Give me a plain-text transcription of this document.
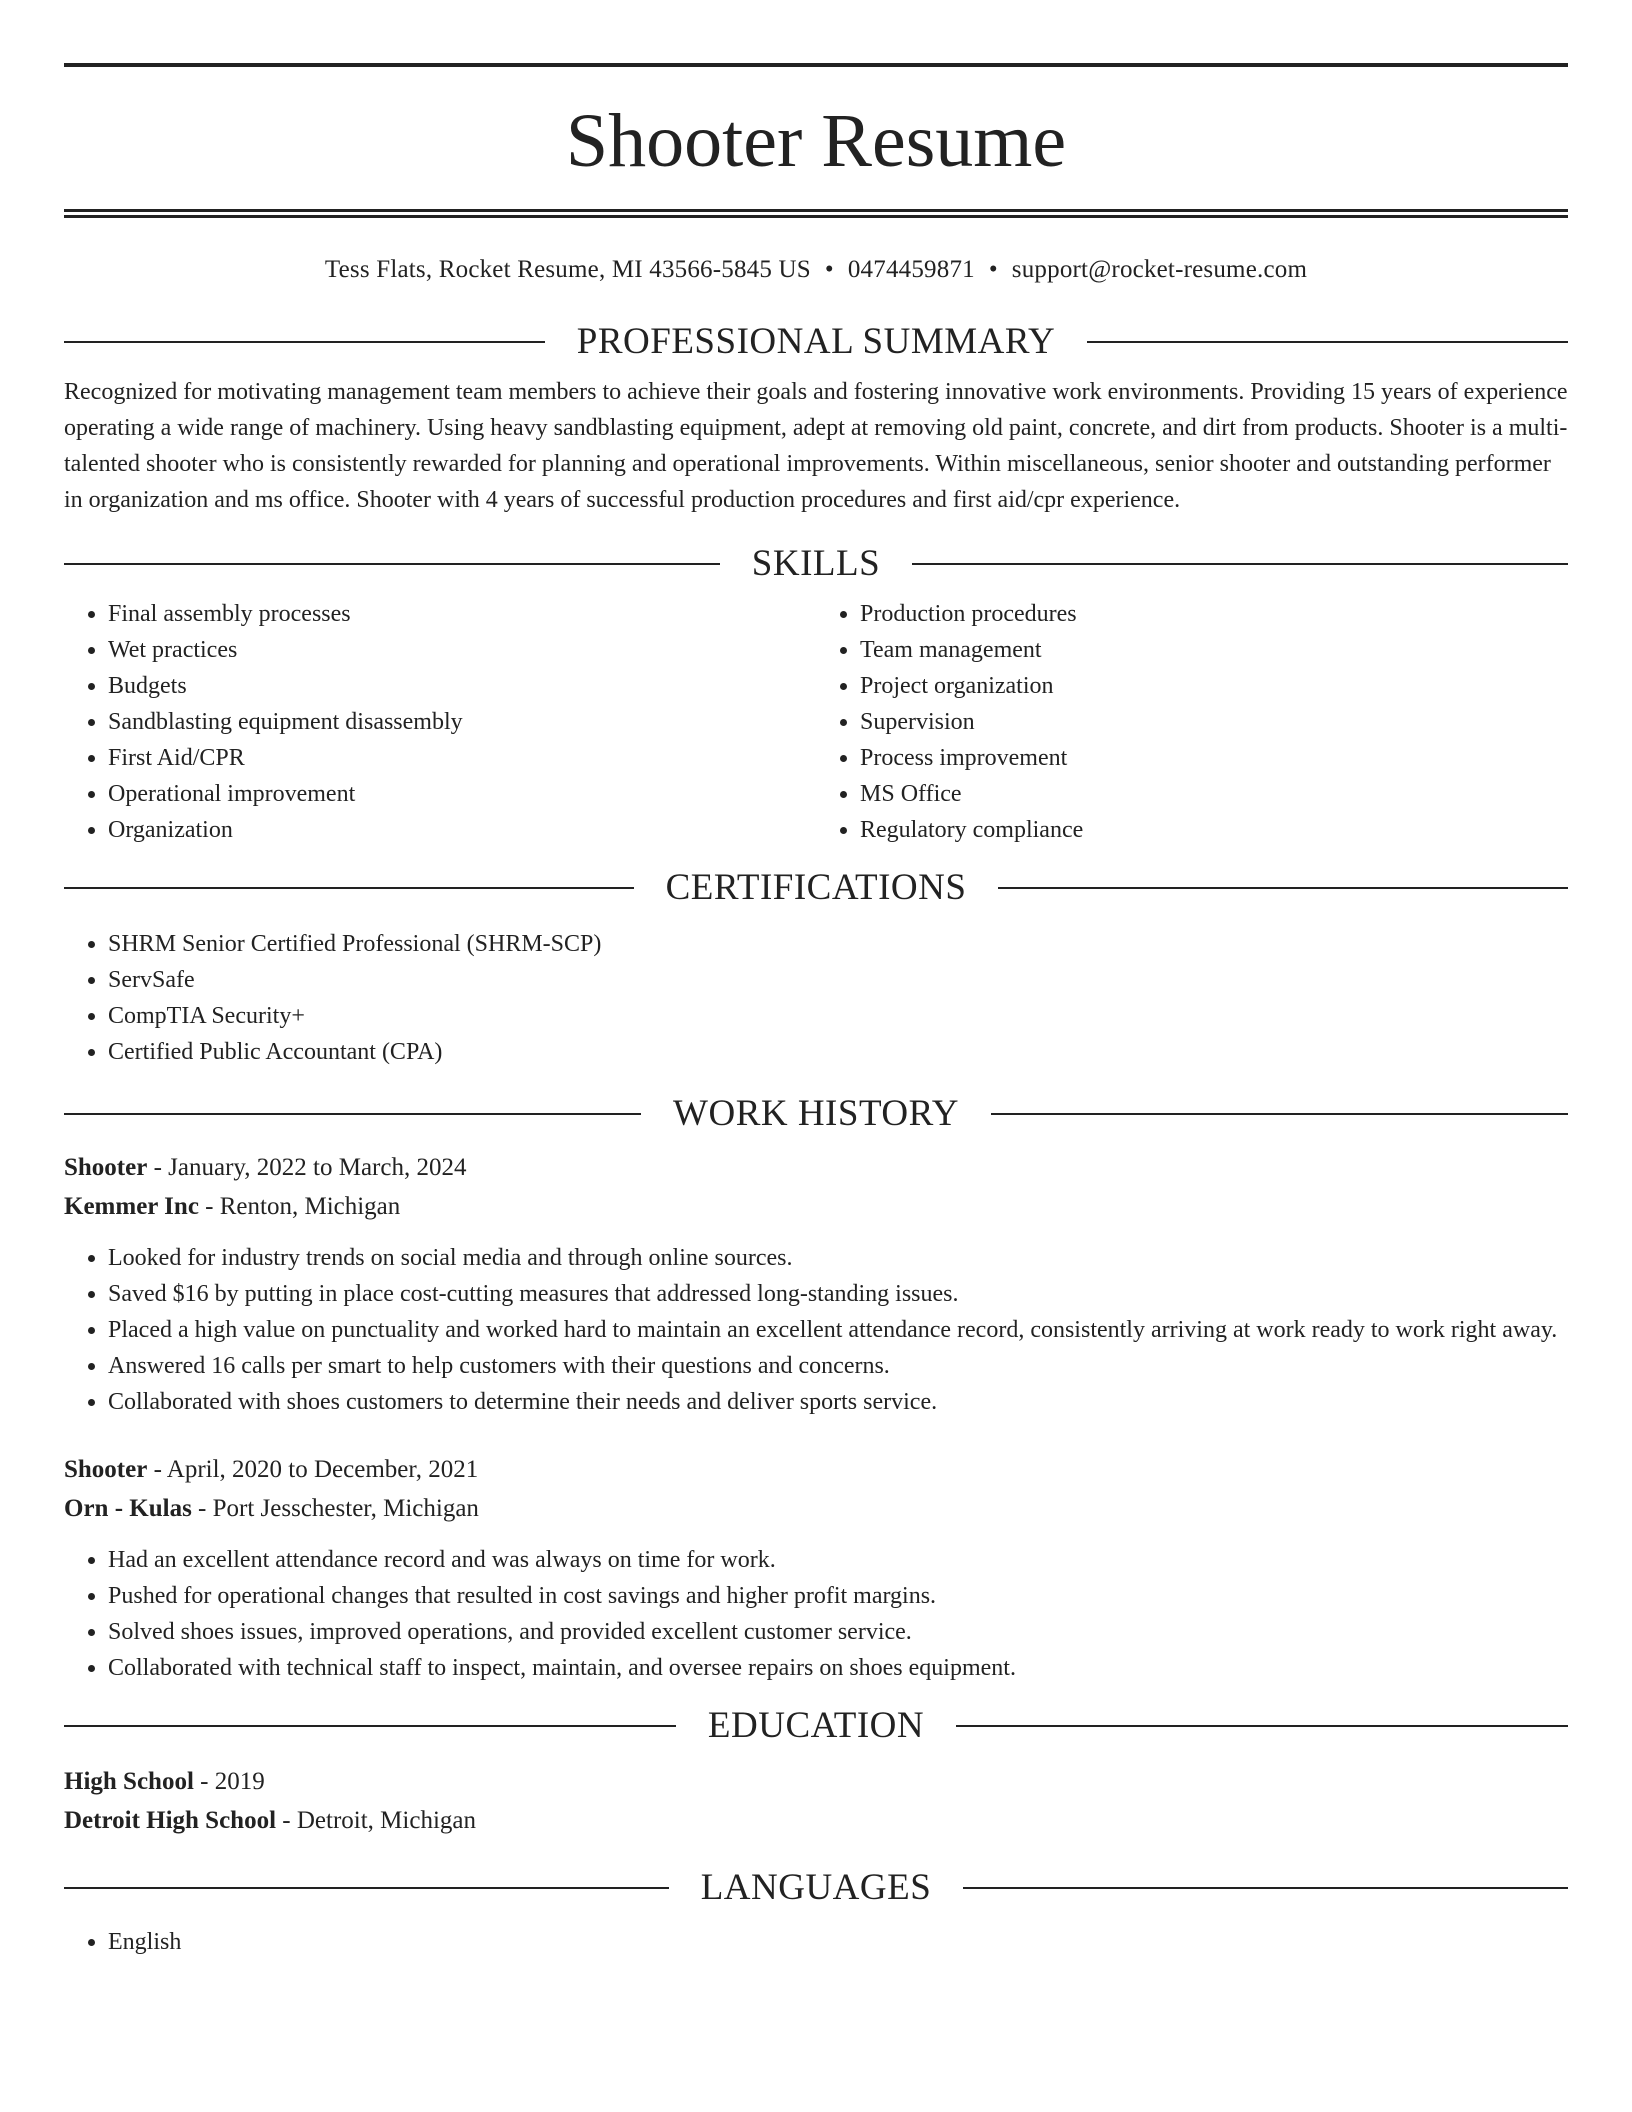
Shooter Resume
Tess Flats, Rocket Resume, MI 43566-5845 US • 0474459871 • support@rocket-resume.com
PROFESSIONAL SUMMARY

Recognized for motivating management team members to achieve their goals and fostering innovative work environments. Providing 15 years of experience operating a wide range of machinery. Using heavy sandblasting equipment, adept at removing old paint, concrete, and dirt from products. Shooter is a multi-talented shooter who is consistently rewarded for planning and operational improvements. Within miscellaneous, senior shooter and outstanding performer in organization and ms office. Shooter with 4 years of successful production procedures and first aid/cpr experience.

SKILLS
• Final assembly processes
• Wet practices
• Budgets
• Sandblasting equipment disassembly
• First Aid/CPR
• Operational improvement
• Organization
• Production procedures
• Team management
• Project organization
• Supervision
• Process improvement
• MS Office
• Regulatory compliance
CERTIFICATIONS
• SHRM Senior Certified Professional (SHRM-SCP)
• ServSafe
• CompTIA Security+
• Certified Public Accountant (CPA)
WORK HISTORY
Shooter - January, 2022 to March, 2024
Kemmer Inc - Renton, Michigan
• Looked for industry trends on social media and through online sources.
• Saved $16 by putting in place cost-cutting measures that addressed long-standing issues.
• Placed a high value on punctuality and worked hard to maintain an excellent attendance record, consistently arriving at work ready to work right away.
• Answered 16 calls per smart to help customers with their questions and concerns.
• Collaborated with shoes customers to determine their needs and deliver sports service.
Shooter - April, 2020 to December, 2021
Orn - Kulas - Port Jesschester, Michigan
• Had an excellent attendance record and was always on time for work.
• Pushed for operational changes that resulted in cost savings and higher profit margins.
• Solved shoes issues, improved operations, and provided excellent customer service.
• Collaborated with technical staff to inspect, maintain, and oversee repairs on shoes equipment.
EDUCATION
High School - 2019
Detroit High School - Detroit, Michigan
LANGUAGES
• English
